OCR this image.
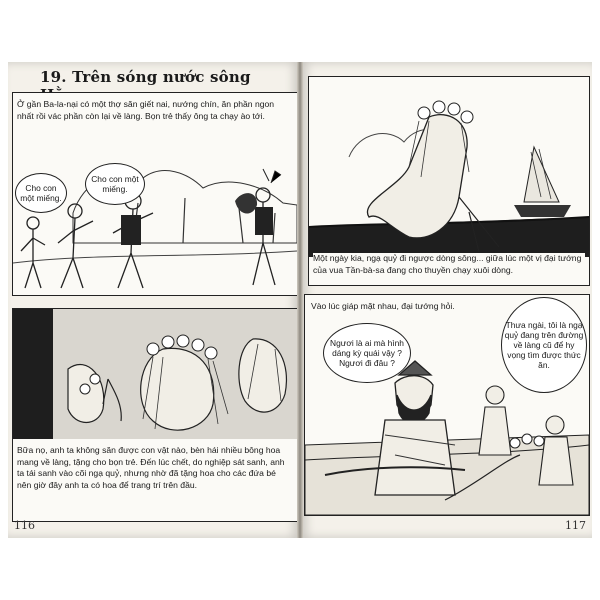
19. Trên sóng nước sông
Ở gần Ba-la-nại có một thợ săn giết nai, nướng chín, ăn phần ngon nhất rồi vác phần còn lại về làng. Bọn trẻ thấy ông ta chạy ào tới.
Cho con một miếng.
Cho con một miếng.
Bữa nọ, anh ta không săn được con vật nào, bèn hái nhiều bông hoa mang về làng, tặng cho bọn trẻ. Đến lúc chết, do nghiệp sát sanh, anh ta tái sanh vào cõi ngạ quỷ, nhưng nhờ đã tặng hoa cho các đứa bé nên giờ đây anh ta có hoa để trang trí trên đầu.
116
Một ngày kia, ngạ quỷ đi ngược dòng sông... giữa lúc một vị đại tướng của vua Tần-bà-sa đang cho thuyền chạy xuôi dòng.
Vào lúc giáp mặt nhau, đại tướng hỏi.
Ngươi là ai mà hình dáng kỳ quái vậy ? Ngươi đi đâu ?
Thưa ngài, tôi là ngạ quỷ đang trên đường về làng cũ để hy vọng tìm được thức ăn.
117
